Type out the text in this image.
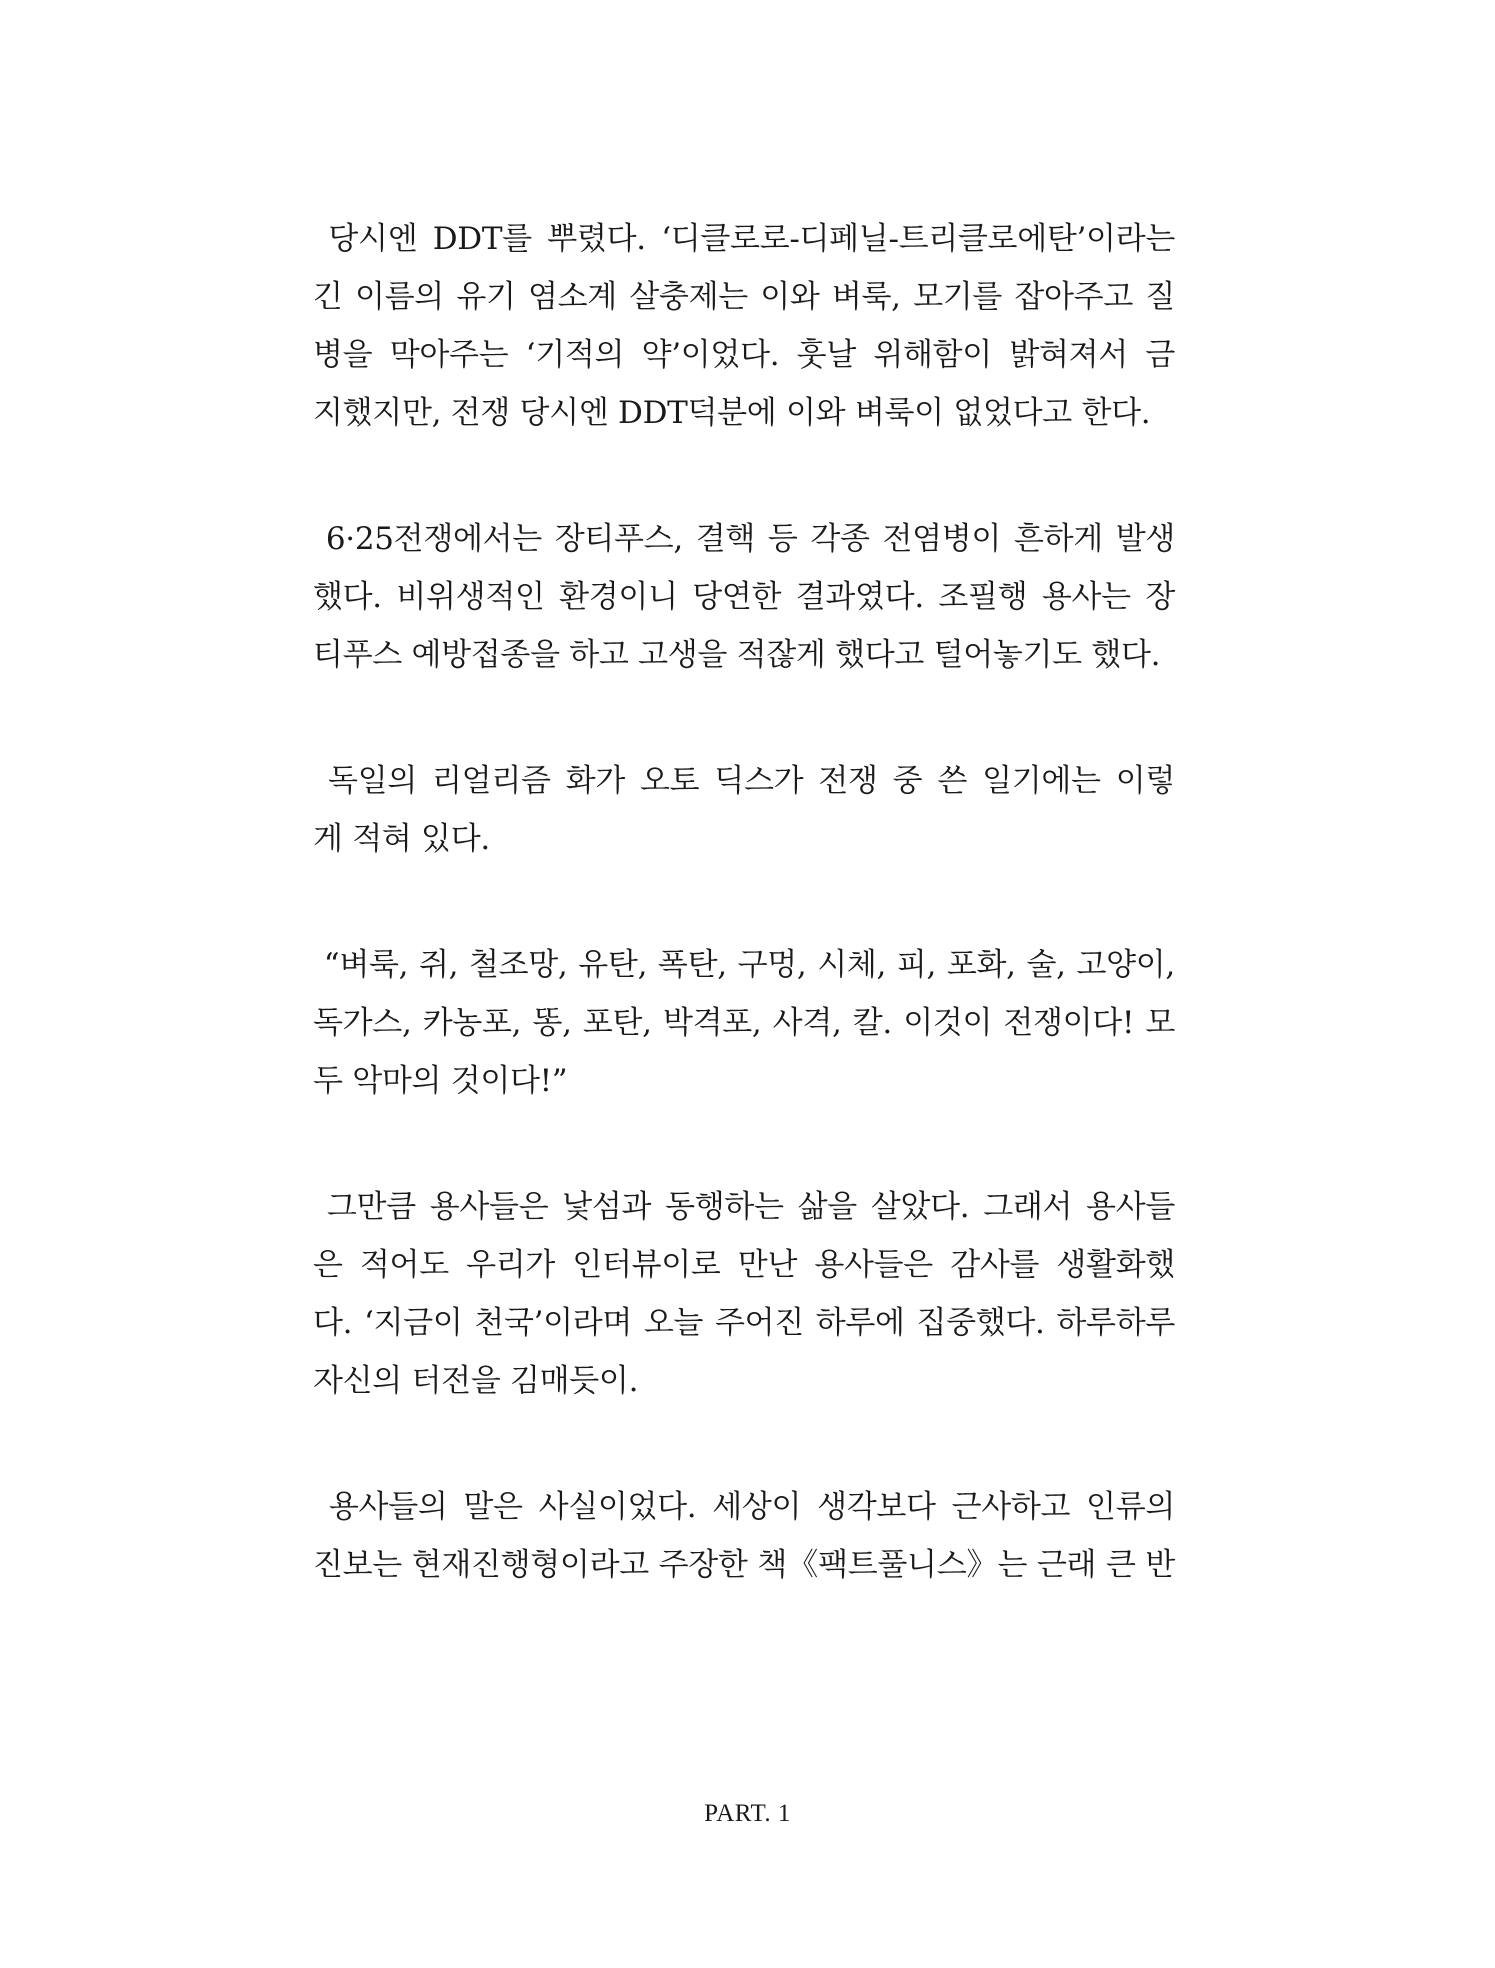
당시엔 DDT를 뿌렸다. ‘디클로로-디페닐-트리클로에탄’이라는
긴 이름의 유기 염소계 살충제는 이와 벼룩, 모기를 잡아주고 질
병을 막아주는 ‘기적의 약’이었다. 훗날 위해함이 밝혀져서 금
지했지만, 전쟁 당시엔 DDT덕분에 이와 벼룩이 없었다고 한다.

6·25전쟁에서는 장티푸스, 결핵 등 각종 전염병이 흔하게 발생
했다. 비위생적인 환경이니 당연한 결과였다. 조필행 용사는 장
티푸스 예방접종을 하고 고생을 적잖게 했다고 털어놓기도 했다.

독일의 리얼리즘 화가 오토 딕스가 전쟁 중 쓴 일기에는 이렇
게 적혀 있다.

“벼룩, 쥐, 철조망, 유탄, 폭탄, 구멍, 시체, 피, 포화, 술, 고양이,
독가스, 카농포, 똥, 포탄, 박격포, 사격, 칼. 이것이 전쟁이다! 모
두 악마의 것이다!”

그만큼 용사들은 낯섬과 동행하는 삶을 살았다. 그래서 용사들
은 적어도 우리가 인터뷰이로 만난 용사들은 감사를 생활화했
다. ‘지금이 천국’이라며 오늘 주어진 하루에 집중했다. 하루하루
자신의 터전을 김매듯이.

용사들의 말은 사실이었다. 세상이 생각보다 근사하고 인류의
진보는 현재진행형이라고 주장한 책《팩트풀니스》는 근래 큰 반

PART. 1
